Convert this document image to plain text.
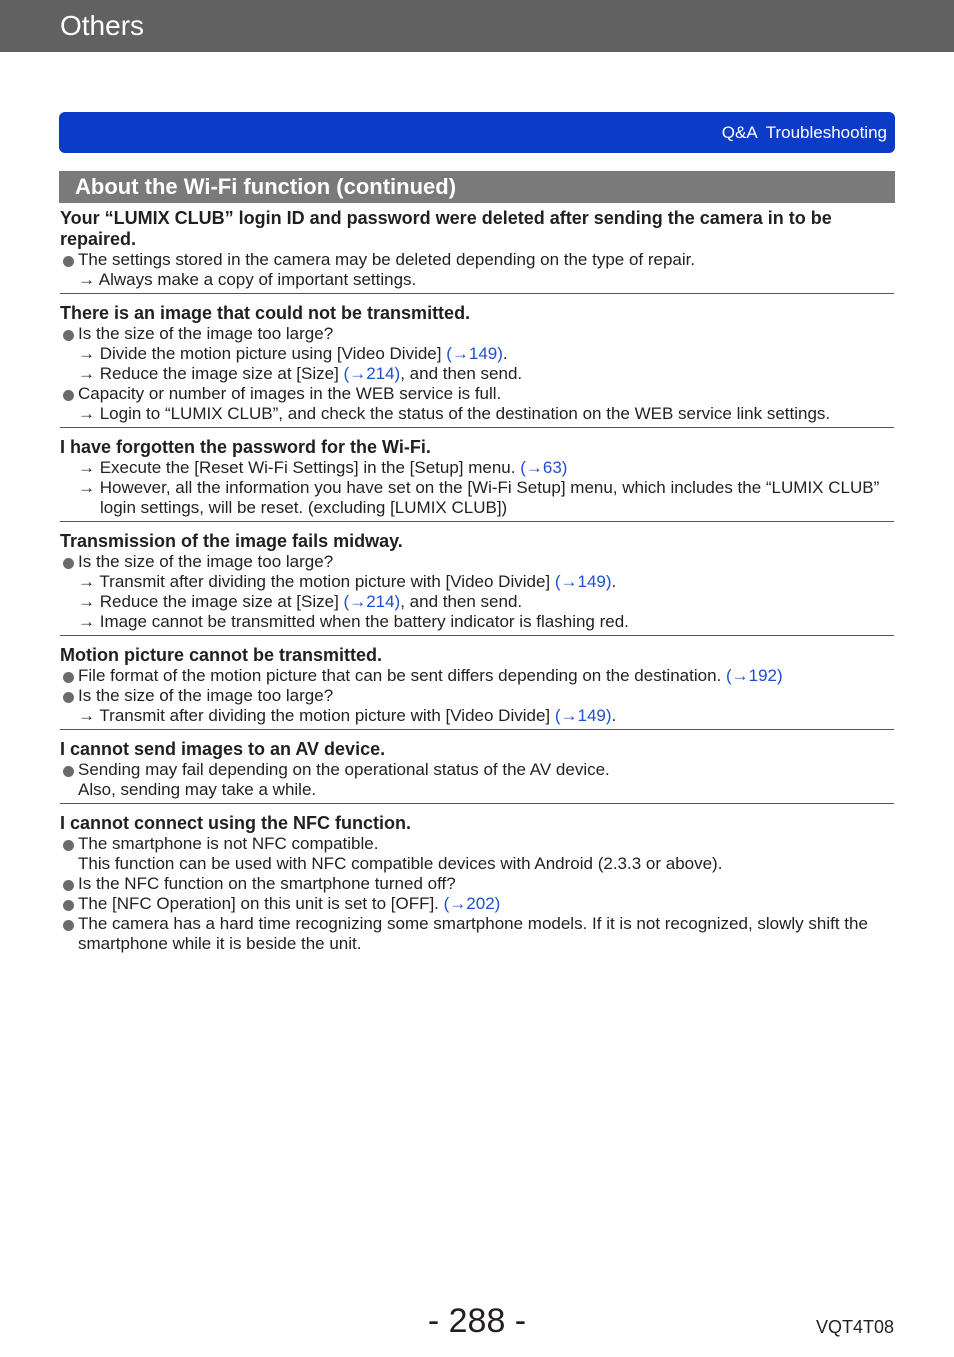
Others
Q&A Troubleshooting
About the Wi-Fi function (continued)
Your “LUMIX CLUB” login ID and password were deleted after sending the camera in to be repaired.
The settings stored in the camera may be deleted depending on the type of repair.
→ Always make a copy of important settings.
There is an image that could not be transmitted.
Is the size of the image too large?
→ Divide the motion picture using [Video Divide] (→149).
→ Reduce the image size at [Size] (→214), and then send.
Capacity or number of images in the WEB service is full.
→ Login to “LUMIX CLUB”, and check the status of the destination on the WEB service link settings.
I have forgotten the password for the Wi-Fi.
→ Execute the [Reset Wi-Fi Settings] in the [Setup] menu. (→63)
→ However, all the information you have set on the [Wi-Fi Setup] menu, which includes the “LUMIX CLUB” login settings, will be reset. (excluding [LUMIX CLUB])
Transmission of the image fails midway.
Is the size of the image too large?
→ Transmit after dividing the motion picture with [Video Divide] (→149).
→ Reduce the image size at [Size] (→214), and then send.
→ Image cannot be transmitted when the battery indicator is flashing red.
Motion picture cannot be transmitted.
File format of the motion picture that can be sent differs depending on the destination. (→192)
Is the size of the image too large?
→ Transmit after dividing the motion picture with [Video Divide] (→149).
I cannot send images to an AV device.
Sending may fail depending on the operational status of the AV device.
Also, sending may take a while.
I cannot connect using the NFC function.
The smartphone is not NFC compatible.
This function can be used with NFC compatible devices with Android (2.3.3 or above).
Is the NFC function on the smartphone turned off?
The [NFC Operation] on this unit is set to [OFF]. (→202)
The camera has a hard time recognizing some smartphone models. If it is not recognized, slowly shift the smartphone while it is beside the unit.
- 288 -	VQT4T08
